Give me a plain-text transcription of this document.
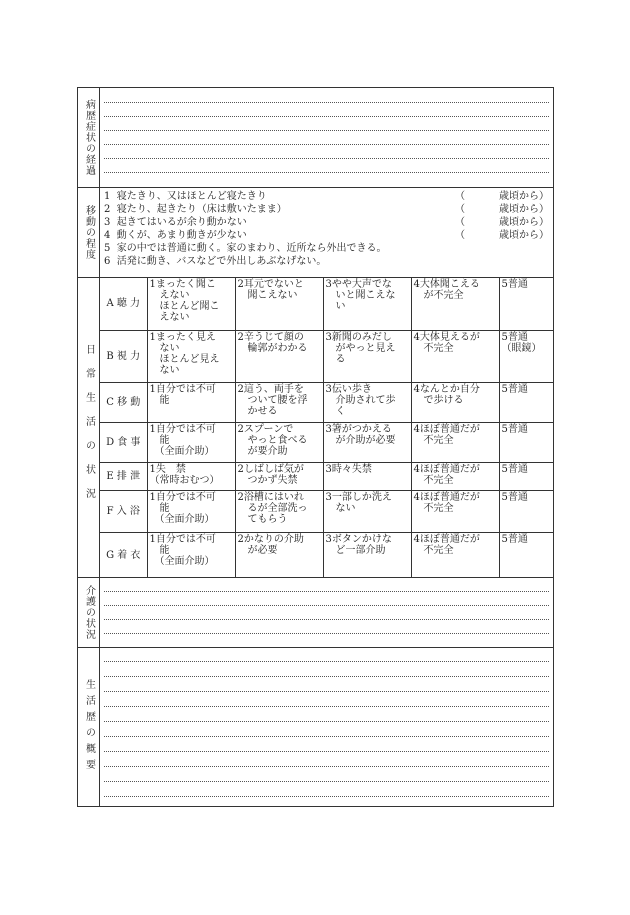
病歴症状の経過
移動の程度
1 寝たきり、又はほとんど寝たきり	（	歳頃から）
2 寝たり、起きたり（床は敷いたまま）	（	歳頃から）
3 起きてはいるが余り動かない	（	歳頃から）
4 動くが、あまり動きが少ない	（	歳頃から）
5 家の中では普通に動く。家のまわり、近所なら外出できる。
6 活発に動き、バスなどで外出しあぶなげない。
日常生活の状況
A 聴 力	1まったく聞こ
　えない
　ほとんど聞こ
　えない	2耳元でないと
　聞こえない	3やや大声でな
　いと聞こえな
　い	4大体聞こえる
　が不完全	5普通
B 視 力	1まったく見え
　ない
　ほとんど見え
　ない	2辛うじて顔の
　輪郭がわかる	3新聞のみだし
　がやっと見え
　る	4大体見えるが
　不完全	5普通
（眼鏡）
C 移 動	1自分では不可
　能	2這う、両手を
　ついて腰を浮
　かせる	3伝い歩き
　介助されて歩
　く	4なんとか自分
　で歩ける	5普通
D 食 事	1自分では不可
　能
　（全面介助）	2スプーンで
　やっと食べる
　が要介助	3箸がつかえる
　が介助が必要	4ほぼ普通だが
　不完全	5普通
E 排 泄	1失　禁
（常時おむつ）	2しばしば気が
　つかず失禁	3時々失禁	4ほぼ普通だが
　不完全	5普通
F 入 浴	1自分では不可
　能
　（全面介助）	2浴槽にはいれ
　るが全部洗っ
　てもらう	3一部しか洗え
　ない	4ほぼ普通だが
　不完全	5普通
G 着 衣	1自分では不可
　能
　（全面介助）	2かなりの介助
　が必要	3ボタンかけな
　ど一部介助	4ほぼ普通だが
　不完全	5普通
介護の状況
生活歴の概要
